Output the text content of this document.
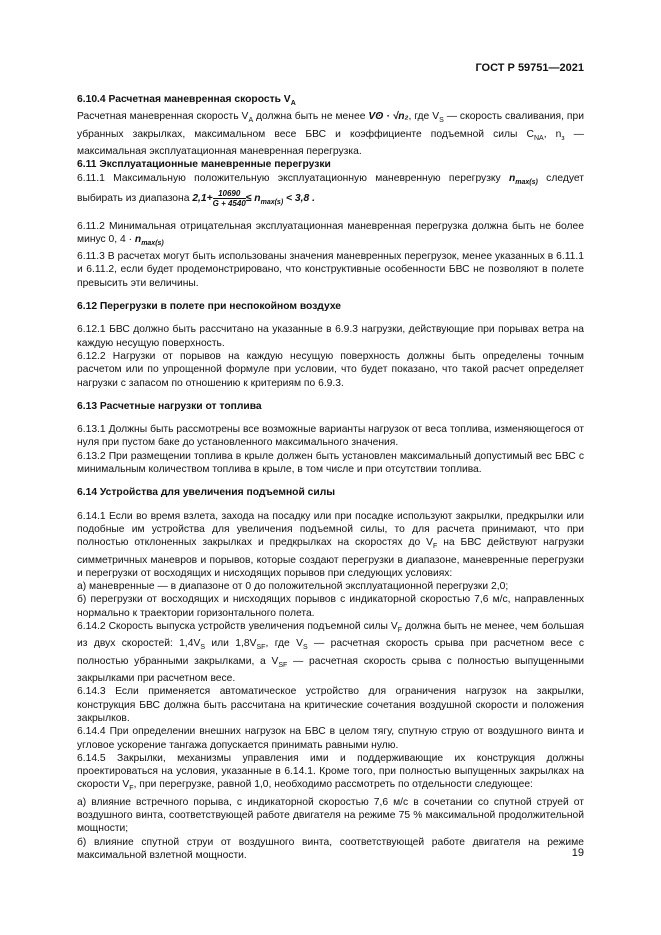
ГОСТ Р 59751—2021

6.10.4 Расчетная маневренная скорость $V_A$

Расчетная маневренная скорость $V_A$ должна быть не менее Vʘ · √n₂, где $V_S$ — скорость сваливания, при убранных закрылках, максимальном весе БВС и коэффициенте подъемной силы $C_{NA}$, $n_з$ — максимальная эксплуатационная маневренная перегрузка.

6.11 Эксплуатационные маневренные перегрузки

6.11.1 Максимальную положительную эксплуатационную маневренную перегрузку $n_{max(s)}$ следует выбирать из диапазона $2,1+ \frac{10690}{G + 4540} \le n_{max(s)} < 3,8$ .

6.11.2 Минимальная отрицательная эксплуатационная маневренная перегрузка должна быть не более минус 0, $4 \cdot n_{max(s)}$

6.11.3 В расчетах могут быть использованы значения маневренных перегрузок, менее указанных в 6.11.1 и 6.11.2, если будет продемонстрировано, что конструктивные особенности БВС не позволяют в полете превысить эти величины.

6.12 Перегрузки в полете при неспокойном воздухе

6.12.1 БВС должно быть рассчитано на указанные в 6.9.3 нагрузки, действующие при порывах ветра на каждую несущую поверхность.

6.12.2 Нагрузки от порывов на каждую несущую поверхность должны быть определены точным расчетом или по упрощенной формуле при условии, что будет показано, что такой расчет определяет нагрузки с запасом по отношению к критериям по 6.9.3.

6.13 Расчетные нагрузки от топлива

6.13.1 Должны быть рассмотрены все возможные варианты нагрузок от веса топлива, изменяющегося от нуля при пустом баке до установленного максимального значения.

6.13.2 При размещении топлива в крыле должен быть установлен максимальный допустимый вес БВС с минимальным количеством топлива в крыле, в том числе и при отсутствии топлива.

6.14 Устройства для увеличения подъемной силы

6.14.1 Если во время взлета, захода на посадку или при посадке используют закрылки, предкрылки или подобные им устройства для увеличения подъемной силы, то для расчета принимают, что при полностью отклоненных закрылках и предкрылках на скоростях до $V_F$ на БВС действуют нагрузки симметричных маневров и порывов, которые создают перегрузки в диапазоне, маневренные перегрузки и перегрузки от восходящих и нисходящих порывов при следующих условиях:

а) маневренные — в диапазоне от 0 до положительной эксплуатационной перегрузки 2,0;

б) перегрузки от восходящих и нисходящих порывов с индикаторной скоростью 7,6 м/с, направленных нормально к траектории горизонтального полета.

6.14.2 Скорость выпуска устройств увеличения подъемной силы $V_F$ должна быть не менее, чем большая из двух скоростей: $1,4V_S$ или $1,8V_{SF}$, где $V_S$ — расчетная скорость срыва при расчетном весе с полностью убранными закрылками, а $V_{SF}$ — расчетная скорость срыва с полностью выпущенными закрылками при расчетном весе.

6.14.3 Если применяется автоматическое устройство для ограничения нагрузок на закрылки, конструкция БВС должна быть рассчитана на критические сочетания воздушной скорости и положения закрылков.

6.14.4 При определении внешних нагрузок на БВС в целом тягу, спутную струю от воздушного винта и угловое ускорение тангажа допускается принимать равными нулю.

6.14.5 Закрылки, механизмы управления ими и поддерживающие их конструкция должны проектироваться на условия, указанные в 6.14.1. Кроме того, при полностью выпущенных закрылках на скорости $V_F$, при перегрузке, равной 1,0, необходимо рассмотреть по отдельности следующее:

а) влияние встречного порыва, с индикаторной скоростью 7,6 м/с в сочетании со спутной струей от воздушного винта, соответствующей работе двигателя на режиме 75 % максимальной продолжительной мощности;

б) влияние спутной струи от воздушного винта, соответствующей работе двигателя на режиме максимальной взлетной мощности.	19
